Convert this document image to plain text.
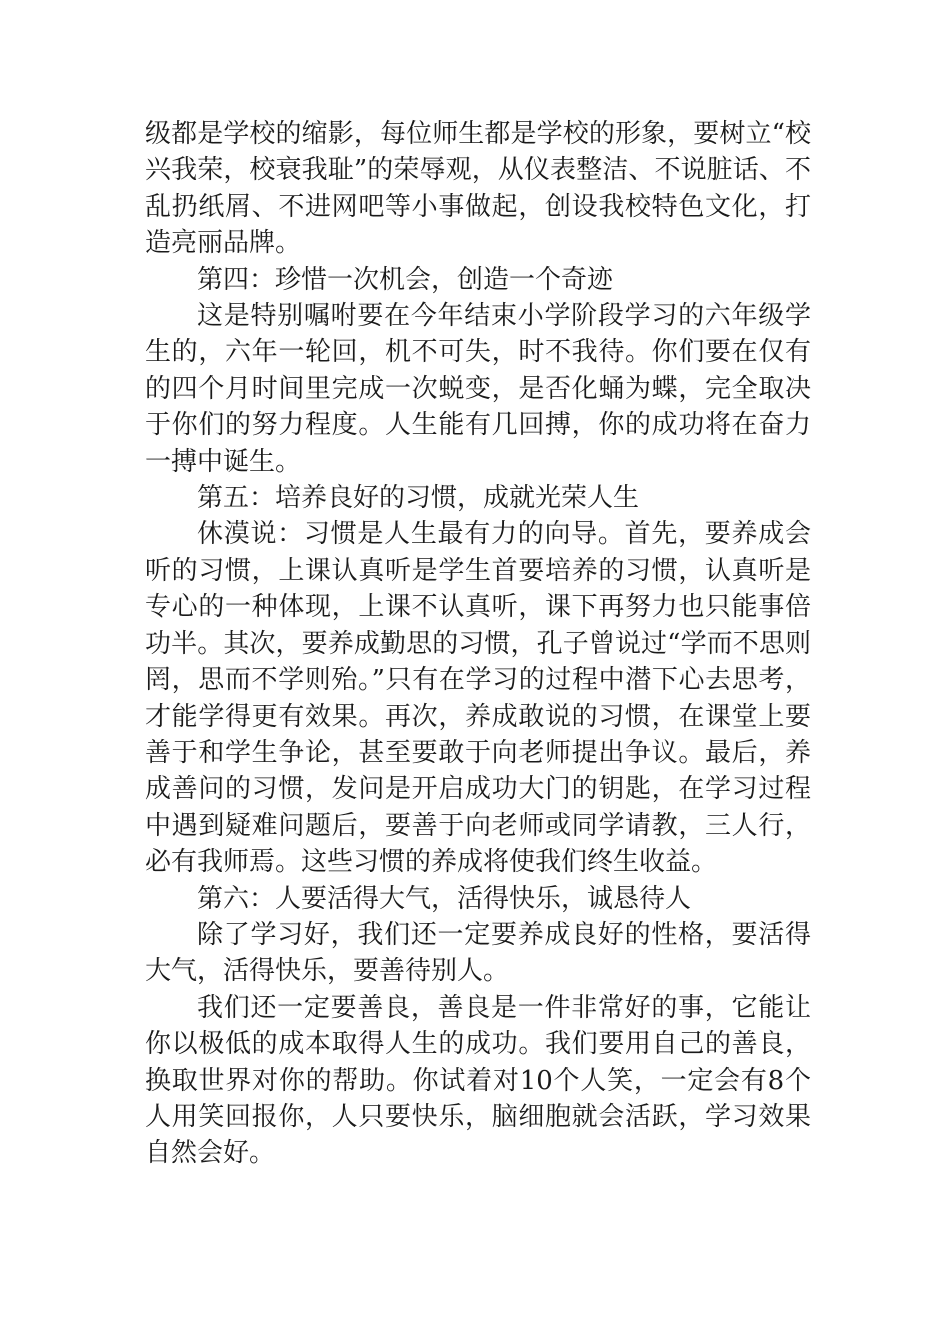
级都是学校的缩影，每位师生都是学校的形象，要树立“校兴我荣，校衰我耻”的荣辱观，从仪表整洁、不说脏话、不乱扔纸屑、不进网吧等小事做起，创设我校特色文化，打造亮丽品牌。

第四：珍惜一次机会，创造一个奇迹

这是特别嘱咐要在今年结束小学阶段学习的六年级学生的，六年一轮回，机不可失，时不我待。你们要在仅有的四个月时间里完成一次蜕变，是否化蛹为蝶，完全取决于你们的努力程度。人生能有几回搏，你的成功将在奋力一搏中诞生。

第五：培养良好的习惯，成就光荣人生

休漠说：习惯是人生最有力的向导。首先，要养成会听的习惯，上课认真听是学生首要培养的习惯，认真听是专心的一种体现，上课不认真听，课下再努力也只能事倍功半。其次，要养成勤思的习惯，孔子曾说过“学而不思则罔，思而不学则殆。”只有在学习的过程中潜下心去思考，才能学得更有效果。再次，养成敢说的习惯，在课堂上要善于和学生争论，甚至要敢于向老师提出争议。最后，养成善问的习惯，发问是开启成功大门的钥匙，在学习过程中遇到疑难问题后，要善于向老师或同学请教，三人行，必有我师焉。这些习惯的养成将使我们终生收益。

第六：人要活得大气，活得快乐，诚恳待人

除了学习好，我们还一定要养成良好的性格，要活得大气，活得快乐，要善待别人。

我们还一定要善良，善良是一件非常好的事，它能让你以极低的成本取得人生的成功。我们要用自己的善良，换取世界对你的帮助。你试着对10个人笑，一定会有8个人用笑回报你，人只要快乐，脑细胞就会活跃，学习效果自然会好。
